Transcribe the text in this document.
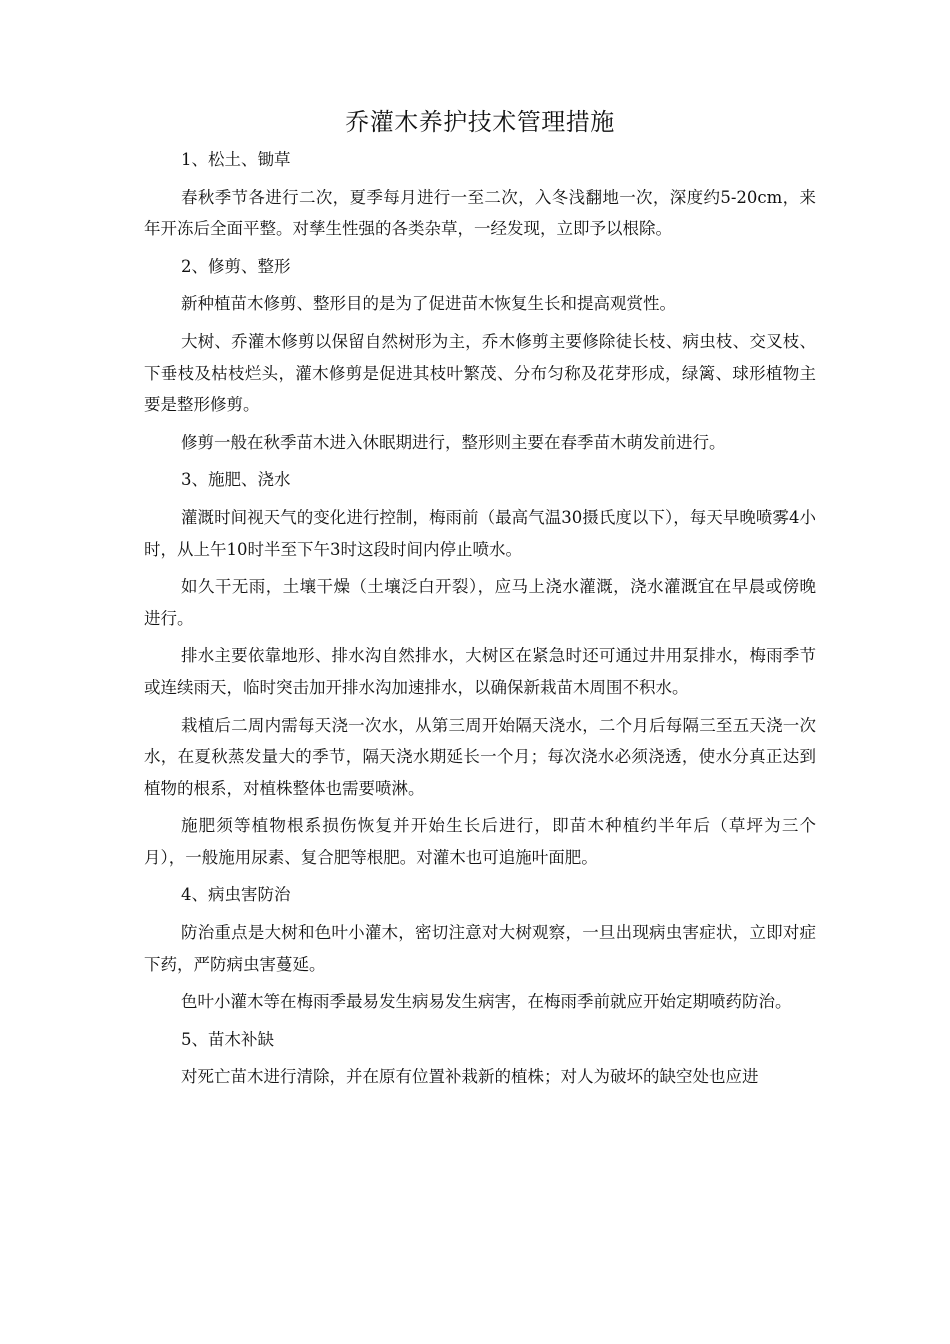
乔灌木养护技术管理措施

1、松土、锄草

春秋季节各进行二次，夏季每月进行一至二次，入冬浅翻地一次，深度约5-20cm，来年开冻后全面平整。对孳生性强的各类杂草，一经发现，立即予以根除。

2、修剪、整形

新种植苗木修剪、整形目的是为了促进苗木恢复生长和提高观赏性。

大树、乔灌木修剪以保留自然树形为主，乔木修剪主要修除徒长枝、病虫枝、交叉枝、下垂枝及枯枝烂头，灌木修剪是促进其枝叶繁茂、分布匀称及花芽形成，绿篱、球形植物主要是整形修剪。

修剪一般在秋季苗木进入休眠期进行，整形则主要在春季苗木萌发前进行。

3、施肥、浇水

灌溉时间视天气的变化进行控制，梅雨前（最高气温30摄氏度以下），每天早晚喷雾4小时，从上午10时半至下午3时这段时间内停止喷水。

如久干无雨，土壤干燥（土壤泛白开裂），应马上浇水灌溉，浇水灌溉宜在早晨或傍晚进行。

排水主要依靠地形、排水沟自然排水，大树区在紧急时还可通过井用泵排水，梅雨季节或连续雨天，临时突击加开排水沟加速排水，以确保新栽苗木周围不积水。

栽植后二周内需每天浇一次水，从第三周开始隔天浇水，二个月后每隔三至五天浇一次水，在夏秋蒸发量大的季节，隔天浇水期延长一个月；每次浇水必须浇透，使水分真正达到植物的根系，对植株整体也需要喷淋。

施肥须等植物根系损伤恢复并开始生长后进行，即苗木种植约半年后（草坪为三个月），一般施用尿素、复合肥等根肥。对灌木也可追施叶面肥。

4、病虫害防治

防治重点是大树和色叶小灌木，密切注意对大树观察，一旦出现病虫害症状，立即对症下药，严防病虫害蔓延。

色叶小灌木等在梅雨季最易发生病易发生病害，在梅雨季前就应开始定期喷药防治。

5、苗木补缺

对死亡苗木进行清除，并在原有位置补栽新的植株；对人为破坏的缺空处也应进
